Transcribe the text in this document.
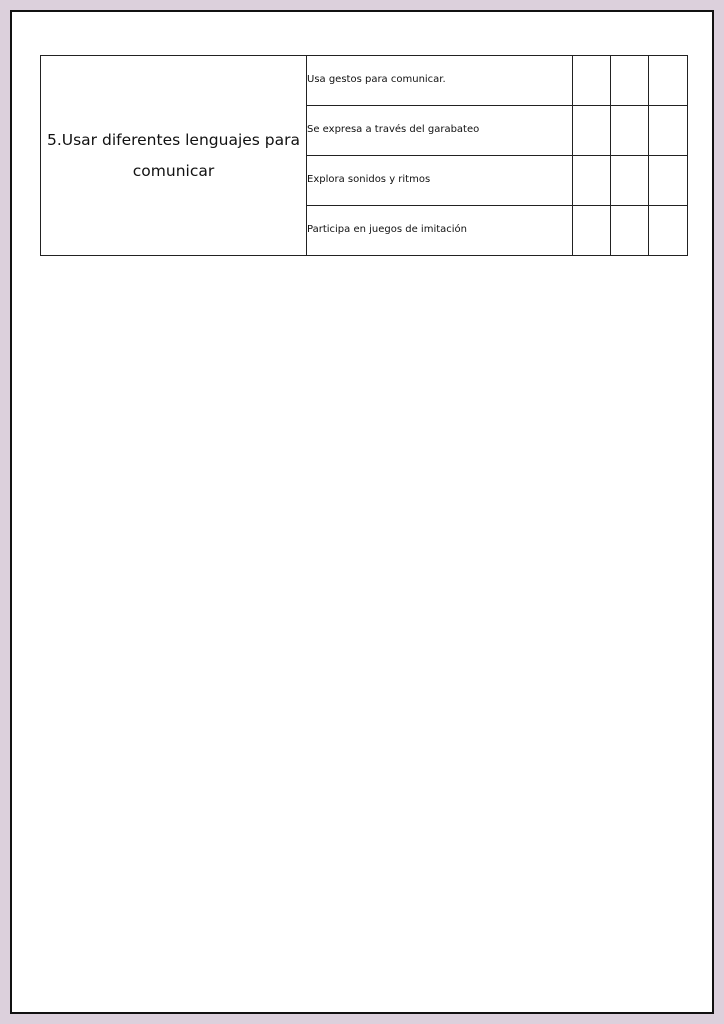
5.Usar diferentes lenguajes para comunicar	Usa gestos para comunicar.			

	Se expresa a través del garabateo			

	Explora sonidos y ritmos			

	Participa en juegos de imitación			
